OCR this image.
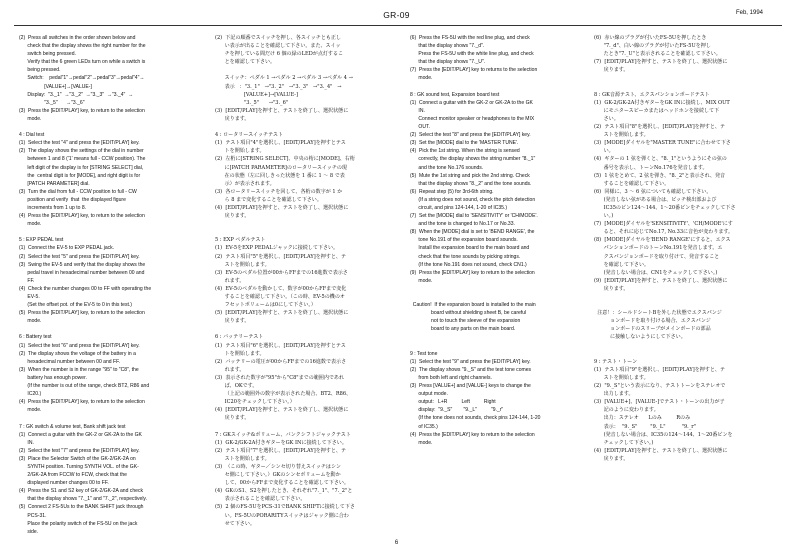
GR-09	Feb, 1994
(2)  Press all switches in the order shown below and
check that the display shows the right number for the
switch being pressed.
Verify that the 6 green LEDs turn on while a switch is
being pressed.
Switch:    pedal"1"→pedal"2"→pedal"3"→pedal"4"→
[VALUE+]→[VALUE-]
Display:  "3._1"  →"3._2"  →"3._3"  →"3._4"  →
"3._5"      →"3._6"
(3)  Press the [EDIT/PLAY] key, to return to the selection
mode.
4 : Dial test
(1)  Select the test "4" and press the [EDIT/PLAY] key.
(2)  The display shows the settings of the dial in number
between 1 and 8 ('1' means full - CCW position). The
left digit of the display is for [STRING SELECT] dial,
the  central digit is for [MODE], and right digit is for
[PATCH PARAMETER] dial.
(3)  Turn the dial from full - CCW position to full - CW
position and verify  that  the displayed figure
increments from 1 up to 8.
(4)  Press the [EDIT/PLAY] key, to return to the selection
mode.
5 : EXP PEDAL test
(1)  Connect the EV-5 to EXP PEDAL jack.
(2)  Select the test "5" and press the [EDIT/PLAY] key.
(3)  Swing the EV-5 and verify that the display shows the
pedal travel in hexadecimal number between 00 and
FF.
(4)  Check the number changes 00 to FF with operating the
EV-5.
(Set the offset pot. of the EV-5 to 0 in this test.)
(5)  Press the [EDIT/PLAY] key, to return to the selection
mode.
6 : Battery test
(1)  Select the test "6" and press the [EDIT/PLAY] key.
(2)  The display shows the voltage of the battery in a
hexadecimal number between 00 and FF.
(3)  When the number is in the range "95" to "C8", the
battery has enough power.
(If the number is out of the range, check BT2, R86 and
IC20.)
(4)  Press the [EDIT/PLAY] key, to return to the selection
mode.
7 : GK switch & volume test, Bank shift jack test
(1)  Connect a guitar with the GK-2 or GK-2A to the GK
IN.
(2)  Select the test "7" and press the [EDIT/PLAY] key.
(3)  Place the Selector Switch of the GK-2/GK-2A on
SYNTH position. Turning SYNTH VOL. of the GK-
2/GK-2A from FCCW to FCW, check that the
displayed number changes 00 to FF.
(4)  Press the S1 and S2 key of GK-2/GK-2A and check
that the display shows "7._1" and "7._2", respectively.
(5)  Connect 2 FS-5Us to the BANK SHIFT jack through
PCS-31.
Place the polarity switch of the FS-5U on the jack
side.
(2)  下記の順番でスイッチを押し、各スイッチとも正し
い表示が出ることを確認して下さい。また、スイッ
チを押している間だけ 6 個の緑のLEDが点灯するこ
とを確認して下さい。
スイッチ：ペダル 1 →ペダル 2 →ペダル 3 →ペダル 4 →
表示   ："3._1"   →"3._2"   →"3._3"   →"3._4"   →
[VALUE+]→[VALUE-]
"3._5"      →"3._6"
(3)  [EDIT/PLAY]を押すと、テストを終了し、選択状態に
戻ります。
4 : ロータリースイッチテスト
(1)  テスト項目"4"を選択し、[EDIT/PLAY]を押すとテス
トを開始します。
(2)  左桁に[STRING SELECT]、中央の桁に[MODE]、右桁
に[PATCH PARAMETER]のロータリースイッチの現
在の状態（左に回しきった状態を 1 番に 1 ～ 8 で表
示）が表示されます。
(3)  各ロータリースイッチを回して、各桁の数字が 1 か
ら 8 まで変化することを確認して下さい。
(4)  [EDIT/PLAY]を押すと、テストを終了し、選択状態に
戻ります。
5 : EXP ペダルテスト
(1)  EV-5をEXP PEDALジャックに接続して下さい。
(2)  テスト項目"5"を選択し、[EDIT/PLAY]を押すと、テ
ストを開始します。
(3)  EV-5のペダル位置が00からFFまでの16進数で表示さ
れます。
(4)  EV-5のペダルを動かして、数字が00からFFまで変化
することを確認して下さい。（この時、EV-5の機のオ
フセットボリュームは0にして下さい。）
(5)  [EDIT/PLAY]を押すと、テストを終了し、選択状態に
戻ります。
6 : バッテリーテスト
(1)  テスト項目"6"を選択し、[EDIT/PLAY]を押すとテス
トを開始します。
(2)  バッテリーの電圧が00からFFまでの16進数で表示さ
れます。
(3)  表示された数字が"95"から"C8"までの範囲内であれ
ば、OKです。
（上記の範囲外の数字が表示された場合、BT2、R86、
IC20をチェックして下さい。）
(4)  [EDIT/PLAY]を押すと、テストを終了し、選択状態に
戻ります。
7 : GKスイッチ&ボリューム、バンクシフトジャックテスト
(1)  GK-2/GK-2A付きギターをGK INに接続して下さい。
(2)  テスト項目"7"を選択し、[EDIT/PLAY]を押すと、テ
ストを開始します。
(3)  （この時、ギター／シンセ切り替えスイッチはシン
セ側にして下さい。）GKのシンセボリュームを動か
して、00からFFまで変化することを確認して下さい。
(4)  GKのS1、S2を押したとき、それぞれ"7._1"、"7._2"と
表示されることを確認して下さい。
(5)  2 個のFS-5UをPCS-31でBANK SHIFTに接続して下さ
い。FS-5UのPORARITYスイッチはジャック側に合わ
せて下さい。
(6)  Press the FS-5U with the red line plug, and check
that the display shows "7._d".
Press the FS-5U with the white line plug, and check
that the display shows "7._U".
(7)  Press the [EDIT/PLAY] key to returns to the selection
mode.
8 : GK sound test, Expansion board test
(1)  Connect a guitar with the GK-2 or GK-2A to the GK
IN.
Connect monitor speaker or headphones to the MIX
OUT.
(2)  Select the test "8" and press the [EDIT/PLAY] key.
(3)  Set the [MODE] dial to the 'MASTER TUNE'.
(4)  Pick the 1st string. When the string is sensed
correctly, the display shows the string number "8._1"
and the tone No.176 sounds.
(5)  Mute the 1st string and pick the 2nd string. Check
that the display shows "8._2" and the tone sounds.
(6)  Repeat step (5) for 3rd-6th string.
(If a string does not sound, check the pitch detection
circuit, and pins 124-144, 1-20 of IC35.)
(7)  Set the [MODE] dial to 'SENSITIVITY' or 'CH/MODE'.
and the tone is changed to No.17 or No.33.
(8)  When the [MODE] dial is set to 'BEND RANGE', the
tone No.191 of the expansion board sounds.
Install the expansion board to the main board and
check that the tone sounds by picking strings.
(If the tone No.191 does not sound, check CN1.)
(9)  Press the [EDIT/PLAY] key to return to the selection
mode.
Caution!  If the expansion board is installed to the main
board without shielding sheet B, be careful
not to touch the sleeve of the expansion
board to any parts on the main board.
9 : Test tone
(1)  Select the test "9" and press the [EDIT/PLAY] key.
(2)  The display shows "9._S" and the test tone comes
from both left and right channels.
(3)  Press [VALUE+] and [VALUE-] keys to change the
output mode.
output:   L+R          Left          Right
display:  "9._S"        "9._L"          "9._r"
(If the tone does not sounds, check pins 124-144, 1-20
of IC35.)
(4)  Press the [EDIT/PLAY] key to return to the selection
mode.
(6)  赤い線のプラグが付いたFS-5Uを押したとき
"7._d"、白い線のプラグが付いたFS-5Uを押し
たとき"7._U"と表示されることを確認して下さい。
(7)  [EDIT/PLAY]を押すと、テストを終了し、選択状態に
戻ります。
8 : GK音源テスト、エクスパンションボードテスト
(1)  GK-2/GK-2A付きギターをGK INに接続し、MIX OUT
にモニタースピーカまたはヘッドホンを接続して下
さい。
(2)  テスト項目"8"を選択し、[EDIT/PLAY]を押すと、テ
ストを開始します。
(3)  [MODE]ダイヤルを"MASTER TUNE"に合わせて下さ
い。
(4)  ギターの 1 弦を弾くと、"8._1"というようにその弦の
番号を表示し、トーンNo.176を発音します。
(5)  1 弦をとめて、2 弦を弾き、"8._2"と表示され、発音
することを確認して下さい。
(6)  同様に、3 ～ 6 弦についても確認して下さい。
(発音しない弦がある場合は、ピッチ検出部および
IC35のピン124～144、1～20番ピンをチェックして下さ
い。)
(7)  [MODE]ダイヤルを'SENSITIVITY'、'CH/MODE'にす
ると、それに応じてNo.17, No.33に音色が変わります。
(8)  [MODE]ダイヤルを'BEND RANGE'にすると、エクス
パンションボードのトーンNo.191を発音します。エ
クスパンジョンボードを取り付けて、発音すること
を確認して下さい。
(発音しない場合は、CN1をチェックして下さい。)
(9)  [EDIT/PLAY]を押すと、テストを終了し、選択状態に
戻ります。
注意！：シールドシートBを外した状態でエクスパンジ
ョンボードを取り付ける場合、エクスパンジ
ョンボードのスリーブがメインボードの部品
に接触しないようにして下さい。
9 : テスト・トーン
(1)  テスト項目"9"を選択し、[EDIT/PLAY]を押すと、テ
ストを開始します。
(2)  "9._S"という表示になり、テストトーンをステレオで
出力します。
(3)  [VALUE+]、[VALUE-]でテスト・トーンの出力が子
記のように変わります。
出力：ステレオ      Lのみ         Rのみ
表示：  "9._S"        "9._L"          "9._r"
(発音しない場合は、IC35の124～144、1～20番ピンを
チェックして下さい。)
(4)  [EDIT/PLAY]を押すと、テストを終了し、選択状態に
戻ります。
6
